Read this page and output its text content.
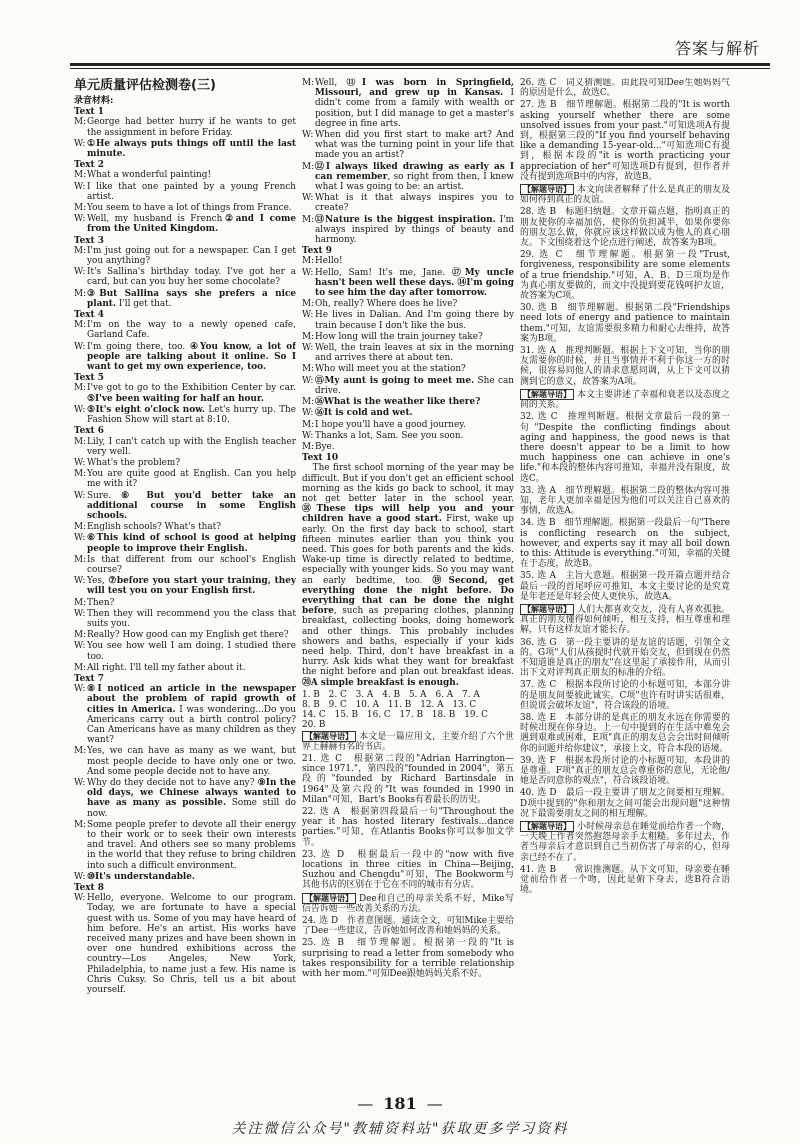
答案与解析
单元质量评估检测卷(三)
录音材料:
Text 1
M: George had better hurry if he wants to get the assignment in before Friday.
W: ①He always puts things off until the last minute.
Text 2
M: What a wonderful painting!
W: I like that one painted by a young French artist.
M: You seem to have a lot of things from France.
W: Well, my husband is French②and I come from the United Kingdom.
Text 3
M: I'm just going out for a newspaper. Can I get you anything?
W: It's Sallina's birthday today. I've got her a card, but can you buy her some chocolate?
M: ③But Sallina says she prefers a nice plant. I'll get that.
Text 4
M: I'm on the way to a newly opened cafe, Garland Cafe.
W: I'm going there, too. ④You know, a lot of people are talking about it online. So I want to get my own experience, too.
Text 5
M: I've got to go to the Exhibition Center by car. ⑤I've been waiting for half an hour.
W: ⑤It's eight o'clock now. Let's hurry up. The Fashion Show will start at 8:10.
Text 6
M: Lily, I can't catch up with the English teacher very well.
W: What's the problem?
M: You are quite good at English. Can you help me with it?
W: Sure. ⑥ But you'd better take an additional course in some English schools.
M: English schools? What's that?
W: ⑥This kind of school is good at helping people to improve their English.
M: Is that different from our school's English course?
W: Yes, ⑦before you start your training, they will test you on your English first.
M: Then?
W: Then they will recommend you the class that suits you.
M: Really? How good can my English get there?
W: You see how well I am doing. I studied there too.
M: All right. I'll tell my father about it.
Text 7
W: ⑧I noticed an article in the newspaper about the problem of rapid growth of cities in America. I was wondering...Do you Americans carry out a birth control policy? Can Americans have as many children as they want?
M: Yes, we can have as many as we want, but most people decide to have only one or two. And some people decide not to have any.
W: Why do they decide not to have any? ⑨In the old days, we Chinese always wanted to have as many as possible. Some still do now.
M: Some people prefer to devote all their energy to their work or to seek their own interests and travel. And others see so many problems in the world that they refuse to bring children into such a difficult environment.
W: ⑩It's understandable.
Text 8
W: Hello, everyone. Welcome to our program. Today, we are fortunate to have a special guest with us. Some of you may have heard of him before. He's an artist. His works have received many prizes and have been shown in over one hundred exhibitions across the country—Los Angeles, New York, Philadelphia, to name just a few. His name is Chris Cuksy. So Chris, tell us a bit about yourself.
M: Well, ⑪I was born in Springfield, Missouri, and grew up in Kansas. I didn't come from a family with wealth or position, but I did manage to get a master's degree in fine arts.
W: When did you first start to make art? And what was the turning point in your life that made you an artist?
M: ⑫I always liked drawing as early as I can remember, so right from then, I knew what I was going to be: an artist.
W: What is it that always inspires you to create?
M: ⑬Nature is the biggest inspiration. I'm always inspired by things of beauty and harmony.
Text 9
M: Hello!
W: Hello, Sam! It's me, Jane. ⑰My uncle hasn't been well these days. ⑭I'm going to see him the day after tomorrow.
M: Oh, really? Where does he live?
W: He lives in Dalian. And I'm going there by train because I don't like the bus.
M: How long will the train journey take?
W: Well, the train leaves at six in the morning and arrives there at about ten.
M: Who will meet you at the station?
W: ⑮My aunt is going to meet me. She can drive.
M: ⑯What is the weather like there?
W: ⑯It is cold and wet.
M: I hope you'll have a good journey.
W: Thanks a lot, Sam. See you soon.
M: Bye.
Text 10
The first school morning of the year may be difficult. But if you don't get an efficient school morning as the kids go back to school, it may not get better later in the school year. ⑱These tips will help you and your children have a good start. First, wake up early. On the first day back to school, start fifteen minutes earlier than you think you need. This goes for both parents and the kids. Wake-up time is directly related to bedtime, especially with younger kids. So you may want an early bedtime, too. ⑲Second, get everything done the night before. Do everything that can be done the night before, such as preparing clothes, planning breakfast, collecting books, doing homework and other things. This probably includes showers and baths, especially if your kids need help. Third, don't have breakfast in a hurry. Ask kids what they want for breakfast the night before and plan out breakfast ideas. ⑳A simple breakfast is enough.
1. B　2. C　3. A　4. B　5. A　6. A　7. A
8. B　9. C　10. A　11. B　12. A　13. C
14. C　15. B　16. C　17. B　18. B　19. C
20. B
【解题导语】 本文是一篇应用文，主要介绍了六个世界上赫赫有名的书店。
21. 选 C　根据第二段的"Adrian Harrington—since 1971."，第四段的"founded in 2004"，第五段的"founded by Richard Bartinsdale in 1964"及第六段的"It was founded in 1990 in Milan"可知，Bart's Books有着最长的历史。
22. 选 A　根据第四段最后一句"Throughout the year it has hosted literary festivals...dance parties."可知，在Atlantis Books你可以参加文学节。
23. 选 D　根据最后一段中的"now with five locations in three cities in China—Beijing, Suzhou and Chengdu"可知，The Bookworm与其他书店的区别在于它在不同的城市有分店。
【解题导语】 Dee和自己的母亲关系不好，Mike写信告诉她一些改善关系的方法。
24. 选 D　作者意图题。通读全文，可知Mike主要给了Dee一些建议，告诉她如何改善和她妈妈的关系。
25. 选 B　细节理解题。根据第一段的"It is surprising to read a letter from somebody who takes responsibility for a terrible relationship with her mom."可知Dee跟她妈妈关系不好。
26. 选 C　词义猜测题。由此段可知Dee生她妈妈气的原因是什么，故选C。
27. 选 B　细节理解题。根据第二段的"It is worth asking yourself whether there are some unsolved issues from your past."可知选项A有提到，根据第三段的"If you find yourself behaving like a demanding 15-year-old..."可知选项C有提到，根据本段的"it is worth practicing your appreciation of her"可知选项D有提到，但作者并没有提到选项B中的内容，故选B。
【解题导语】 本文向读者解释了什么是真正的朋友及如何得到真正的友谊。
28. 选 B　标题归纳题。文章开篇点题，指明真正的朋友使你的幸福加倍，使你的负担减半，如果你要你的朋友怎么做，你就应该这样做以成为他人的真心朋友。下文围绕着这个论点进行阐述，故答案为B项。
29. 选 C　细节理解题。根据第一段"Trust, forgiveness, responsibility are some elements of a true friendship."可知，A、B、D三项均是作为真心朋友要做的，而文中没提到要花钱呵护友谊，故答案为C项。
30. 选 B　细节理解题。根据第二段"Friendships need lots of energy and patience to maintain them."可知，友谊需要很多精力和耐心去维持，故答案为B项。
31. 选 A　推理判断题。根据上下文可知，当你的朋友需要你的时候，并且当事情并不利于你这一方的时候，很容易同他人的请求意愿同调，从上下文可以猜测到它的意义，故答案为A项。
【解题导语】 本文主要讲述了幸福和衰老以及态度之间的关系。
32. 选 C　推理判断题。根据文章最后一段的第一句"Despite the conflicting findings about aging and happiness, the good news is that there doesn't appear to be a limit to how much happiness one can achieve in one's life."和本段的整体内容可推知，幸福并没有限度，故选C。
33. 选 A　细节理解题。根据第二段的整体内容可推知，老年人更加幸福是因为他们可以关注自己喜欢的事情，故选A。
34. 选 B　细节理解题。根据第一段最后一句"There is conflicting research on the subject, however, and experts say it may all boil down to this: Attitude is everything."可知，幸福的关键在于态度，故选B。
35. 选 A　主旨大意题。根据第一段开篇点题并结合最后一段的首尾呼应可推知，本文主要讨论的是究竟是年老还是年轻会使人更快乐，故选A。
【解题导语】 人们大都喜欢交友，没有人喜欢孤独。真正的朋友懂得如何倾听，相互支持，相互尊重和理解，只有这样友谊才能长存。
36. 选 G　第一段主要讲的是友谊的话题，引领全文的。G项"人们从孩提时代就开始交友，但到现在仍然不知道谁是真正的朋友"在这里起了承接作用，从而引出下文对评判真正朋友的标准的介绍。
37. 选 C　根据本段所讨论的小标题可知，本部分讲的是朋友间要彼此诚实。C项"也许有时讲实话很难，但说谎会破坏友谊"，符合该段的语境。
38. 选 E　本部分讲的是真正的朋友永远在你需要的时候出现在你身边。上一句中提到的在生活中难免会遇到艰难或困难，E项"真正的朋友总会会出时间倾听你的问题并给你建议"，承接上文，符合本段的语境。
39. 选 F　根据本段所讨论的小标题可知，本段讲的是尊重。F项"真正的朋友总会尊重你的意见，无论他/她是否同意你的观点"，符合该段语境。
40. 选 D　最后一段主要讲了朋友之间要相互理解。D项中提到的"你和朋友之间可能会出现问题"这种情况下最需要朋友之间的相互理解。
【解题导语】 小时候母亲总在睡觉前给作者一个吻，一天晚上作者突然抱怨母亲手太粗糙。多年过去，作者当母亲后才意识到自己当初伤害了母亲的心，但母亲已经不在了。
41. 选 B　　常识推测题。从下文可知，母亲要在睡觉前给作者一个吻，因此是俯下身去，选B符合语境。
— 181 —
关注微信公众号"教辅资料站"获取更多学习资料
